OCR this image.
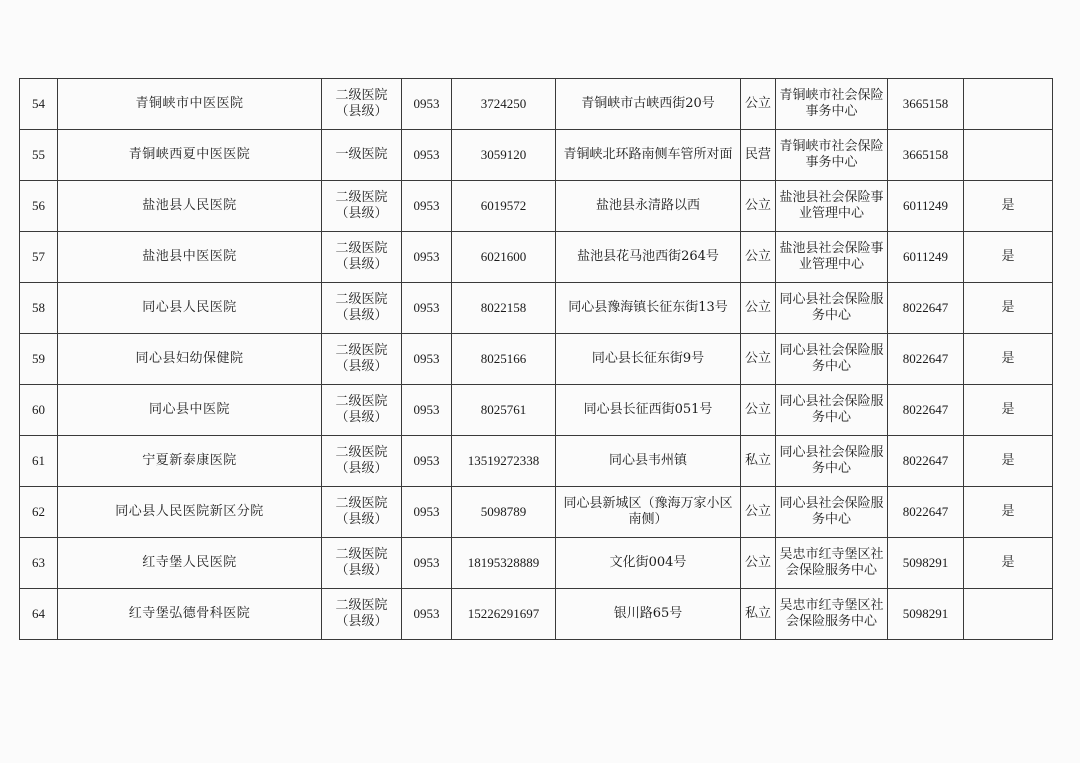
54	青铜峡市中医医院	二级医院（县级）	0953	3724250	青铜峡市古峡西街20号	公立	青铜峡市社会保险事务中心	3665158	
55	青铜峡西夏中医医院	一级医院	0953	3059120	青铜峡北环路南侧车管所对面	民营	青铜峡市社会保险事务中心	3665158	
56	盐池县人民医院	二级医院（县级）	0953	6019572	盐池县永清路以西	公立	盐池县社会保险事业管理中心	6011249	是
57	盐池县中医医院	二级医院（县级）	0953	6021600	盐池县花马池西街264号	公立	盐池县社会保险事业管理中心	6011249	是
58	同心县人民医院	二级医院（县级）	0953	8022158	同心县豫海镇长征东街13号	公立	同心县社会保险服务中心	8022647	是
59	同心县妇幼保健院	二级医院（县级）	0953	8025166	同心县长征东街9号	公立	同心县社会保险服务中心	8022647	是
60	同心县中医院	二级医院（县级）	0953	8025761	同心县长征西街051号	公立	同心县社会保险服务中心	8022647	是
61	宁夏新泰康医院	二级医院（县级）	0953	13519272338	同心县韦州镇	私立	同心县社会保险服务中心	8022647	是
62	同心县人民医院新区分院	二级医院（县级）	0953	5098789	同心县新城区（豫海万家小区南侧）	公立	同心县社会保险服务中心	8022647	是
63	红寺堡人民医院	二级医院（县级）	0953	18195328889	文化街004号	公立	吴忠市红寺堡区社会保险服务中心	5098291	是
64	红寺堡弘德骨科医院	二级医院（县级）	0953	15226291697	银川路65号	私立	吴忠市红寺堡区社会保险服务中心	5098291	
